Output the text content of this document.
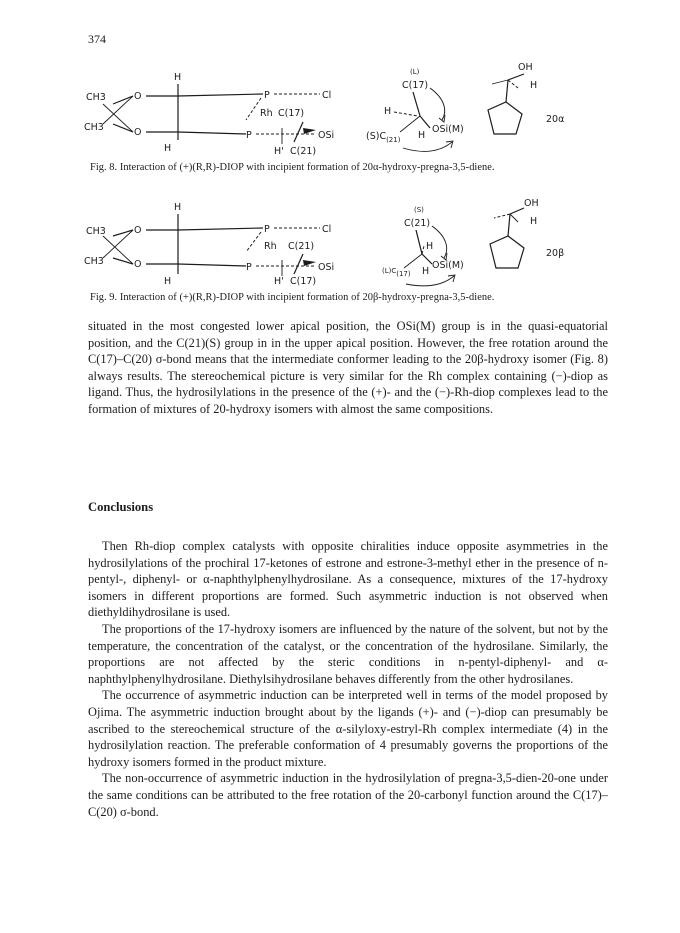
374
H
CH3	O	P	Cl
Rh C(17)
CH3	O	P	OSi
H	H' C(21)
(L)
C(17)
H
OSi(M)
$(S)C_{(21)}$ H
OH
H
20α
Fig. 8. Interaction of (+)(R,R)-DIOP with incipient formation of 20α-hydroxy-pregna-3,5-diene.
H
CH3	O	P	Cl
Rh C(21)
CH3	O	P	OSi
H	H' C(17)
(S)
C(21)
H
OSi(M)
(L)C(17) H
OH
H
20β
Fig. 9. Interaction of (+)(R,R)-DIOP with incipient formation of 20β-hydroxy-pregna-3,5-diene.

situated in the most congested lower apical position, the OSi(M) group is in the quasi-equatorial position, and the C(21)(S) group in in the upper apical position. However, the free rotation around the C(17)–C(20) σ-bond means that the intermediate conformer leading to the 20β-hydroxy isomer (Fig. 8) always results. The stereochemical picture is very similar for the Rh complex containing (−)-diop as ligand. Thus, the hydrosilylations in the presence of the (+)- and the (−)-Rh-diop complexes lead to the formation of mixtures of 20-hydroxy isomers with almost the same compositions.

Conclusions

Then Rh-diop complex catalysts with opposite chiralities induce opposite asymmetries in the hydrosilylations of the prochiral 17-ketones of estrone and estrone-3-methyl ether in the presence of n-pentyl-, diphenyl- or α-naphthylphenylhydrosilane. As a consequence, mixtures of the 17-hydroxy isomers in different proportions are formed. Such asymmetric induction is not observed when diethyldihydrosilane is used.

The proportions of the 17-hydroxy isomers are influenced by the nature of the solvent, but not by the temperature, the concentration of the catalyst, or the concentration of the hydrosilane. Similarly, the proportions are not affected by the steric conditions in n-pentyl-diphenyl- and α-naphthylphenylhydrosilane. Diethylsihydrosilane behaves differently from the other hydrosilanes.

The occurrence of asymmetric induction can be interpreted well in terms of the model proposed by Ojima. The asymmetric induction brought about by the ligands (+)- and (−)-diop can presumably be ascribed to the stereochemical structure of the α-silyloxy-estryl-Rh complex intermediate (4) in the hydrosilylation reaction. The preferable conformation of 4 presumably governs the proportions of the hydroxy isomers formed in the product mixture.

The non-occurrence of asymmetric induction in the hydrosilylation of pregna-3,5-dien-20-one under the same conditions can be attributed to the free rotation of the 20-carbonyl function around the C(17)–C(20) σ-bond.
